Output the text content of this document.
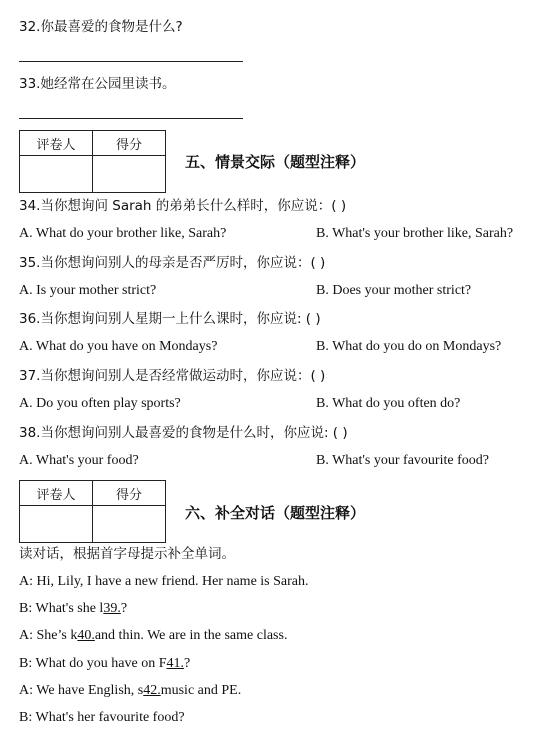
32.你最喜爱的食物是什么?
33.她经常在公园里读书。
评卷人	得分

五、情景交际（题型注释）
34.当你想询问 Sarah 的弟弟长什么样时，你应说：( )
A. What do your brother like, Sarah?	B. What's your brother like, Sarah?
35.当你想询问别人的母亲是否严厉时，你应说：( )
A. Is your mother strict?	B. Does your mother strict?
36.当你想询问别人星期一上什么课时，你应说: ( )
A. What do you have on Mondays?	B. What do you do on Mondays?
37.当你想询问别人是否经常做运动时，你应说：( )
A. Do you often play sports?	B. What do you often do?
38.当你想询问别人最喜爱的食物是什么时，你应说: ( )
A. What's your food?	B. What's your favourite food?
评卷人	得分

六、补全对话（题型注释）
读对话，根据首字母提示补全单词。
A: Hi, Lily, I have a new friend. Her name is Sarah.
B: What's she l39.?
A: She’s k40.and thin. We are in the same class.
B: What do you have on F41.?
A: We have English, s42.music and PE.
B: What's her favourite food?
